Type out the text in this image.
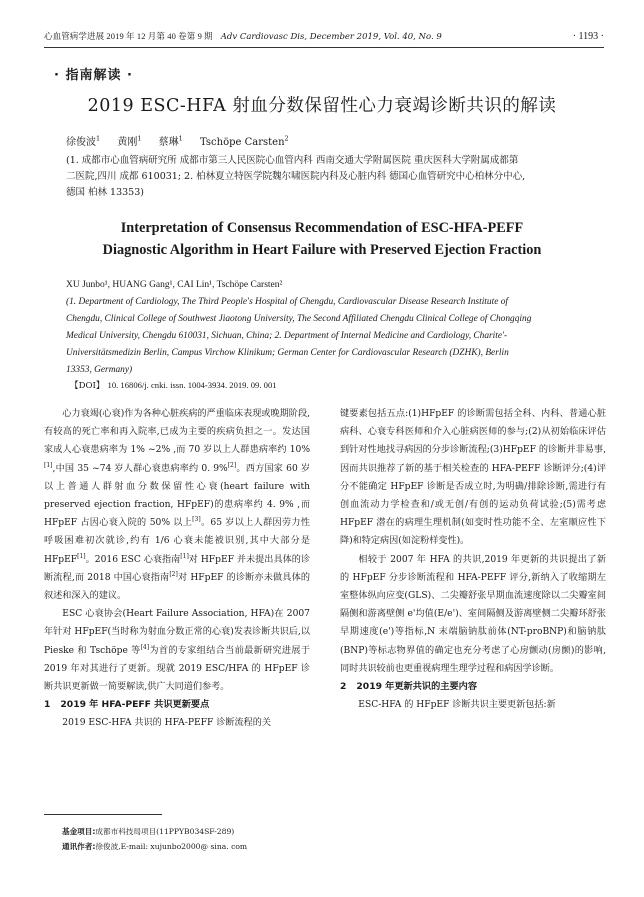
心血管病学进展 2019 年 12 月第 40 卷第 9 期 Adv Cardiovasc Dis, December 2019, Vol. 40, No. 9	· 1193 ·
· 指南解读 ·
2019 ESC-HFA 射血分数保留性心力衰竭诊断共识的解读
徐俊波$^1$ 黄刚$^1$ 蔡琳$^1$ Tschöpe Carsten$^2$
(1. 成都市心血管病研究所 成都市第三人民医院心血管内科 西南交通大学附属医院 重庆医科大学附属成都第
二医院,四川 成都 610031; 2. 柏林夏立特医学院魏尔啸医院内科及心脏内科 德国心血管研究中心柏林分中心,
德国 柏林 13353)
Interpretation of Consensus Recommendation of ESC-HFA-PEFF
Diagnostic Algorithm in Heart Failure with Preserved Ejection Fraction
XU Junbo¹, HUANG Gang¹, CAI Lin¹, Tschöpe Carsten²
(1. Department of Cardiology, The Third People's Hospital of Chengdu, Cardiovascular Disease Research Institute of
Chengdu, Clinical College of Southwest Jiaotong University, The Second Affiliated Chengdu Clinical College of Chongqing
Medical University, Chengdu 610031, Sichuan, China; 2. Department of Internal Medicine and Cardiology, Charite'-
Universitätsmedizin Berlin, Campus Virchow Klinikum; German Center for Cardiovascular Research (DZHK), Berlin
13353, Germany)
【DOI】 10. 16806/j. cnki. issn. 1004-3934. 2019. 09. 001

心力衰竭(心衰)作为各种心脏疾病的严重临床表现或晚期阶段,有较高的死亡率和再入院率,已成为主要的疾病负担之一。发达国家成人心衰患病率为 1% ~2% ,而 70 岁以上人群患病率约 10%[1],中国 35 ~74 岁人群心衰患病率约 0. 9%[2]。西方国家 60 岁以上普通人群射血分数保留性心衰(heart failure with preserved ejection fraction, HFpEF)的患病率约 4. 9% ,而 HFpEF 占因心衰入院的 50% 以上[3]。65 岁以上人群因劳力性呼吸困难初次就诊,约有 1/6 心衰未能被识别,其中大部分是 HFpEF[1]。2016 ESC 心衰指南[1]对 HFpEF 并未提出具体的诊断流程,而 2018 中国心衰指南[2]对 HFpEF 的诊断亦未做具体的叙述和深入的建议。

ESC 心衰协会(Heart Failure Association, HFA)在 2007 年针对 HFpEF(当时称为射血分数正常的心衰)发表诊断共识后,以 Pieske 和 Tschöpe 等[4]为首的专家组结合当前最新研究进展于 2019 年对其进行了更新。现就 2019 ESC/HFA 的 HFpEF 诊断共识更新做一简要解读,供广大同道们参考。

1 2019 年 HFA-PEFF 共识更新要点

2019 ESC-HFA 共识的 HFA-PEFF 诊断流程的关

键要素包括五点:(1)HFpEF 的诊断需包括全科、内科、普通心脏病科、心衰专科医师和介入心脏病医师的参与;(2)从初始临床评估到针对性地找寻病因的分步诊断流程;(3)HFpEF 的诊断并非易事,因而共识推荐了新的基于相关检查的 HFA-PEFF 诊断评分;(4)评分不能确定 HFpEF 诊断是否成立时,为明确/排除诊断,需进行有创血流动力学检查和/或无创/有创的运动负荷试验;(5)需考虑 HFpEF 潜在的病理生理机制(如变时性功能不全、左室顺应性下降)和特定病因(如淀粉样变性)。

相较于 2007 年 HFA 的共识,2019 年更新的共识提出了新的 HFpEF 分步诊断流程和 HFA-PEFF 评分,新纳入了收缩期左室整体纵向应变(GLS)、二尖瓣舒张早期血流速度除以二尖瓣室间隔侧和游离壁侧 e'均值(E/e')、室间隔侧及游离壁侧二尖瓣环舒张早期速度(e')等指标,N 末端脑钠肽前体(NT-proBNP)和脑钠肽(BNP)等标志物界值的确定也充分考虑了心房颤动(房颤)的影响,同时共识较前也更重视病理生理学过程和病因学诊断。

2 2019 年更新共识的主要内容

ESC-HFA 的 HFpEF 诊断共识主要更新包括:新

基金项目:成都市科技局项目(11PPYB034SF-289)
通讯作者:徐俊波,E-mail: xujunbo2000@ sina. com
